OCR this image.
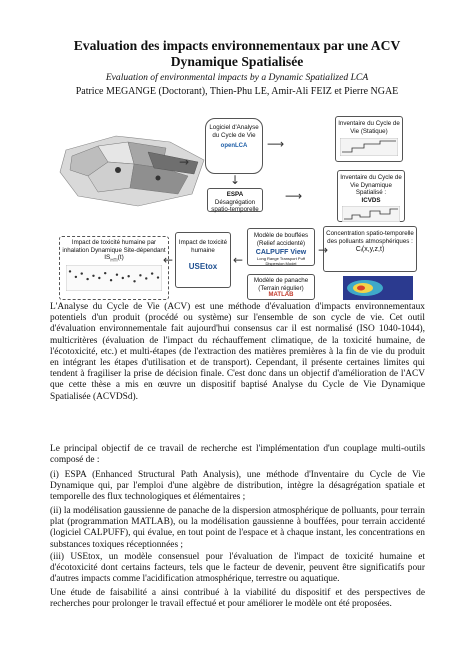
Evaluation des impacts environnementaux par une ACV
Dynamique Spatialisée
Evaluation of environmental impacts by a Dynamic Spatialized LCA
Patrice MEGANGE (Doctorant), Thien-Phu LE, Amir-Ali FEIZ et Pierre NGAE
Logiciel d'Analyse du Cycle de Vie
openLCA
Inventaire du Cycle de Vie (Statique)
ESPA
Désagrégation spatio-temporelle
Inventaire du Cycle de Vie Dynamique Spatialisé :
ICVDS
Modèle de bouffées (Relief accidenté)
CALPUFF View
Long Range Transport Puff Dispersion Model
Concentration spatio-temporelle des polluants atmosphériques :
Cᵢ(x,y,z,t)
Impact de toxicité humaine
USEtox
Modèle de panache (Terrain régulier)
MATLAB
Impact de toxicité humaine par inhalation Dynamique Site-dépendant
$IS_{HTI}(t)$
→
⟶
↓
⟶
→
←
←
L'Analyse du Cycle de Vie (ACV) est une méthode d'évaluation d'impacts environnementaux potentiels d'un produit (procédé ou système) sur l'ensemble de son cycle de vie. Cet outil d'évaluation environnementale fait aujourd'hui consensus car il est normalisé (ISO 1040-1044), multicritères (évaluation de l'impact du réchauffement climatique, de la toxicité humaine, de l'écotoxicité, etc.) et multi-étapes (de l'extraction des matières premières à la fin de vie du produit en intégrant les étapes d'utilisation et de transport). Cependant, il présente certaines limites qui tendent à fragiliser la prise de décision finale. C'est donc dans un objectif d'amélioration de l'ACV que cette thèse a mis en œuvre un dispositif baptisé Analyse du Cycle de Vie Dynamique Spatialisée (ACVDSd).
Le principal objectif de ce travail de recherche est l'implémentation d'un couplage multi-outils composé de :
(i) ESPA (Enhanced Structural Path Analysis), une méthode d'Inventaire du Cycle de Vie Dynamique qui, par l'emploi d'une algèbre de distribution, intègre la désagrégation spatiale et temporelle des flux technologiques et élémentaires ;
(ii) la modélisation gaussienne de panache de la dispersion atmosphérique de polluants, pour terrain plat (programmation MATLAB), ou la modélisation gaussienne à bouffées, pour terrain accidenté (logiciel CALPUFF), qui évalue, en tout point de l'espace et à chaque instant, les concentrations en substances toxiques réceptionnées ;
(iii) USEtox, un modèle consensuel pour l'évaluation de l'impact de toxicité humaine et d'écotoxicité dont certains facteurs, tels que le facteur de devenir, peuvent être significatifs pour d'autres impacts comme l'acidification atmosphérique, terrestre ou aquatique.
Une étude de faisabilité a ainsi contribué à la viabilité du dispositif et des perspectives de recherches pour prolonger le travail effectué et pour améliorer le modèle ont été proposées.
